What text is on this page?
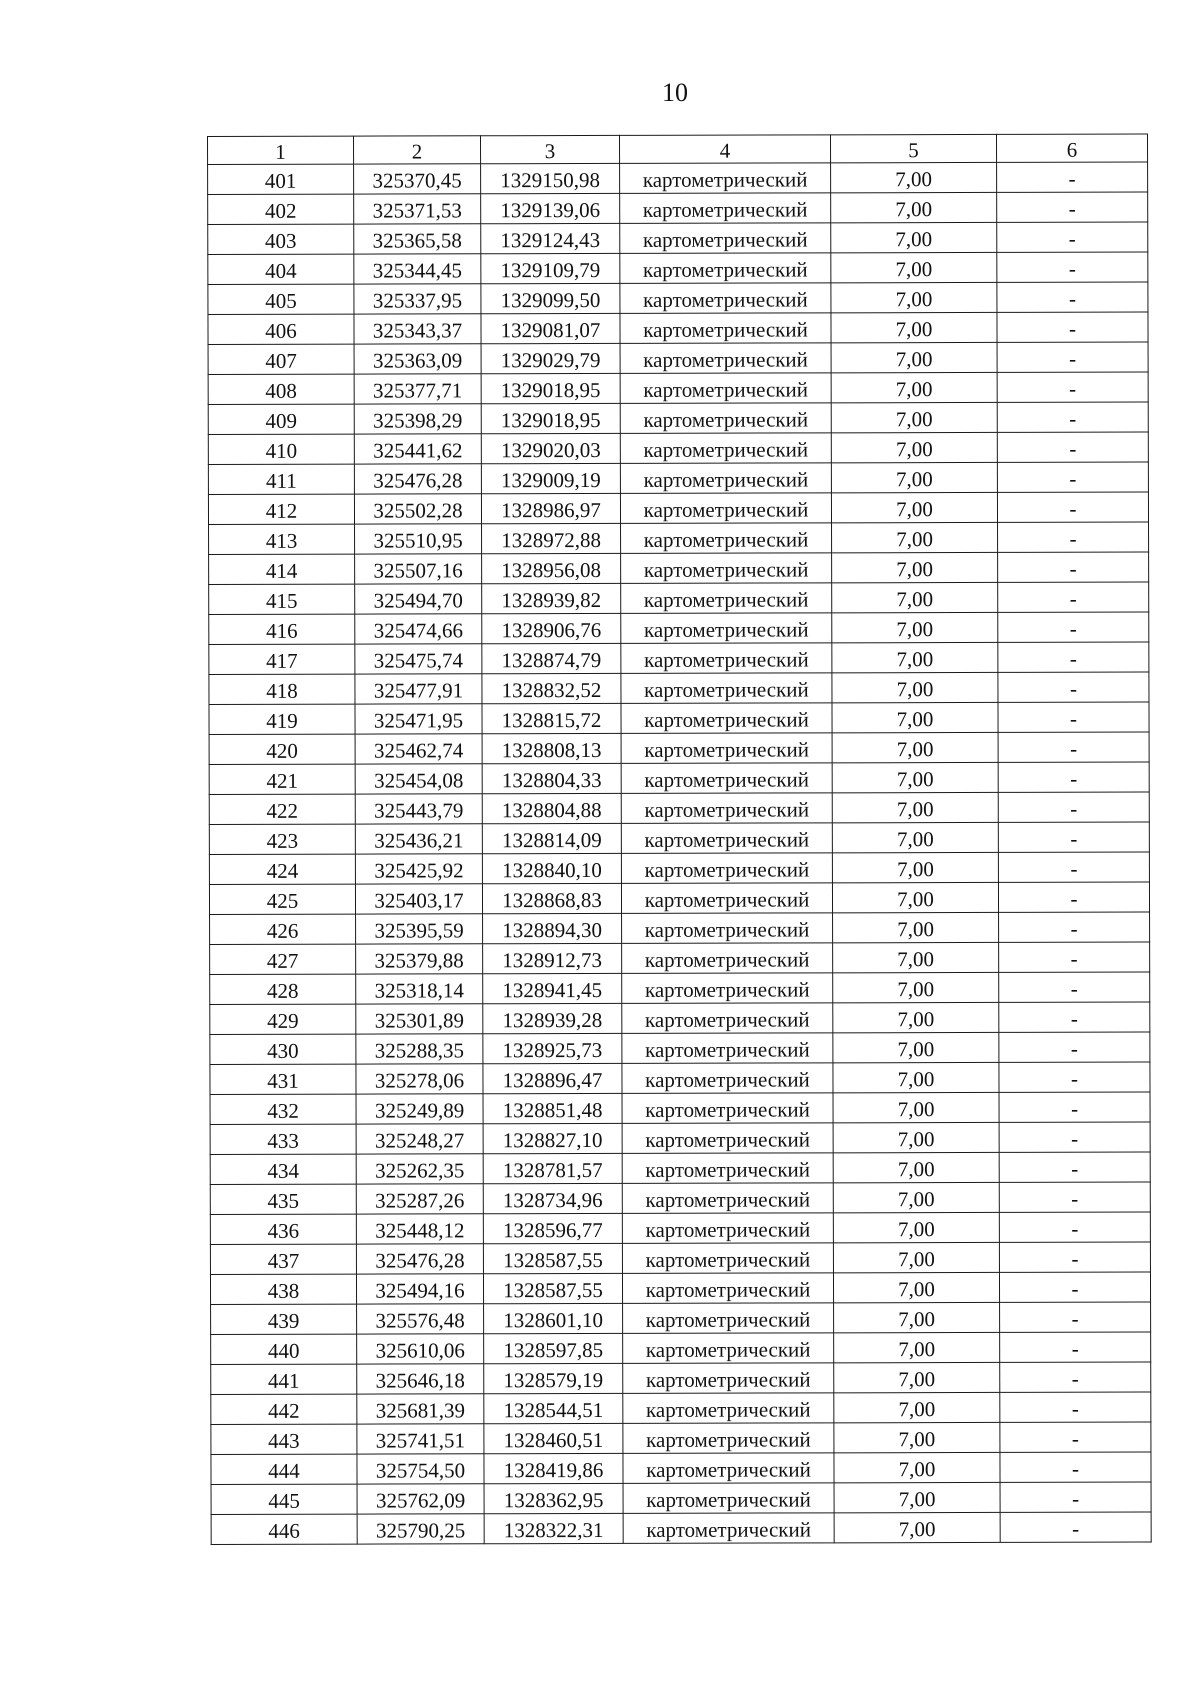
10
1	2	3	4	5	6
401	325370,45	1329150,98	картометрический	7,00	-
402	325371,53	1329139,06	картометрический	7,00	-
403	325365,58	1329124,43	картометрический	7,00	-
404	325344,45	1329109,79	картометрический	7,00	-
405	325337,95	1329099,50	картометрический	7,00	-
406	325343,37	1329081,07	картометрический	7,00	-
407	325363,09	1329029,79	картометрический	7,00	-
408	325377,71	1329018,95	картометрический	7,00	-
409	325398,29	1329018,95	картометрический	7,00	-
410	325441,62	1329020,03	картометрический	7,00	-
411	325476,28	1329009,19	картометрический	7,00	-
412	325502,28	1328986,97	картометрический	7,00	-
413	325510,95	1328972,88	картометрический	7,00	-
414	325507,16	1328956,08	картометрический	7,00	-
415	325494,70	1328939,82	картометрический	7,00	-
416	325474,66	1328906,76	картометрический	7,00	-
417	325475,74	1328874,79	картометрический	7,00	-
418	325477,91	1328832,52	картометрический	7,00	-
419	325471,95	1328815,72	картометрический	7,00	-
420	325462,74	1328808,13	картометрический	7,00	-
421	325454,08	1328804,33	картометрический	7,00	-
422	325443,79	1328804,88	картометрический	7,00	-
423	325436,21	1328814,09	картометрический	7,00	-
424	325425,92	1328840,10	картометрический	7,00	-
425	325403,17	1328868,83	картометрический	7,00	-
426	325395,59	1328894,30	картометрический	7,00	-
427	325379,88	1328912,73	картометрический	7,00	-
428	325318,14	1328941,45	картометрический	7,00	-
429	325301,89	1328939,28	картометрический	7,00	-
430	325288,35	1328925,73	картометрический	7,00	-
431	325278,06	1328896,47	картометрический	7,00	-
432	325249,89	1328851,48	картометрический	7,00	-
433	325248,27	1328827,10	картометрический	7,00	-
434	325262,35	1328781,57	картометрический	7,00	-
435	325287,26	1328734,96	картометрический	7,00	-
436	325448,12	1328596,77	картометрический	7,00	-
437	325476,28	1328587,55	картометрический	7,00	-
438	325494,16	1328587,55	картометрический	7,00	-
439	325576,48	1328601,10	картометрический	7,00	-
440	325610,06	1328597,85	картометрический	7,00	-
441	325646,18	1328579,19	картометрический	7,00	-
442	325681,39	1328544,51	картометрический	7,00	-
443	325741,51	1328460,51	картометрический	7,00	-
444	325754,50	1328419,86	картометрический	7,00	-
445	325762,09	1328362,95	картометрический	7,00	-
446	325790,25	1328322,31	картометрический	7,00	-
